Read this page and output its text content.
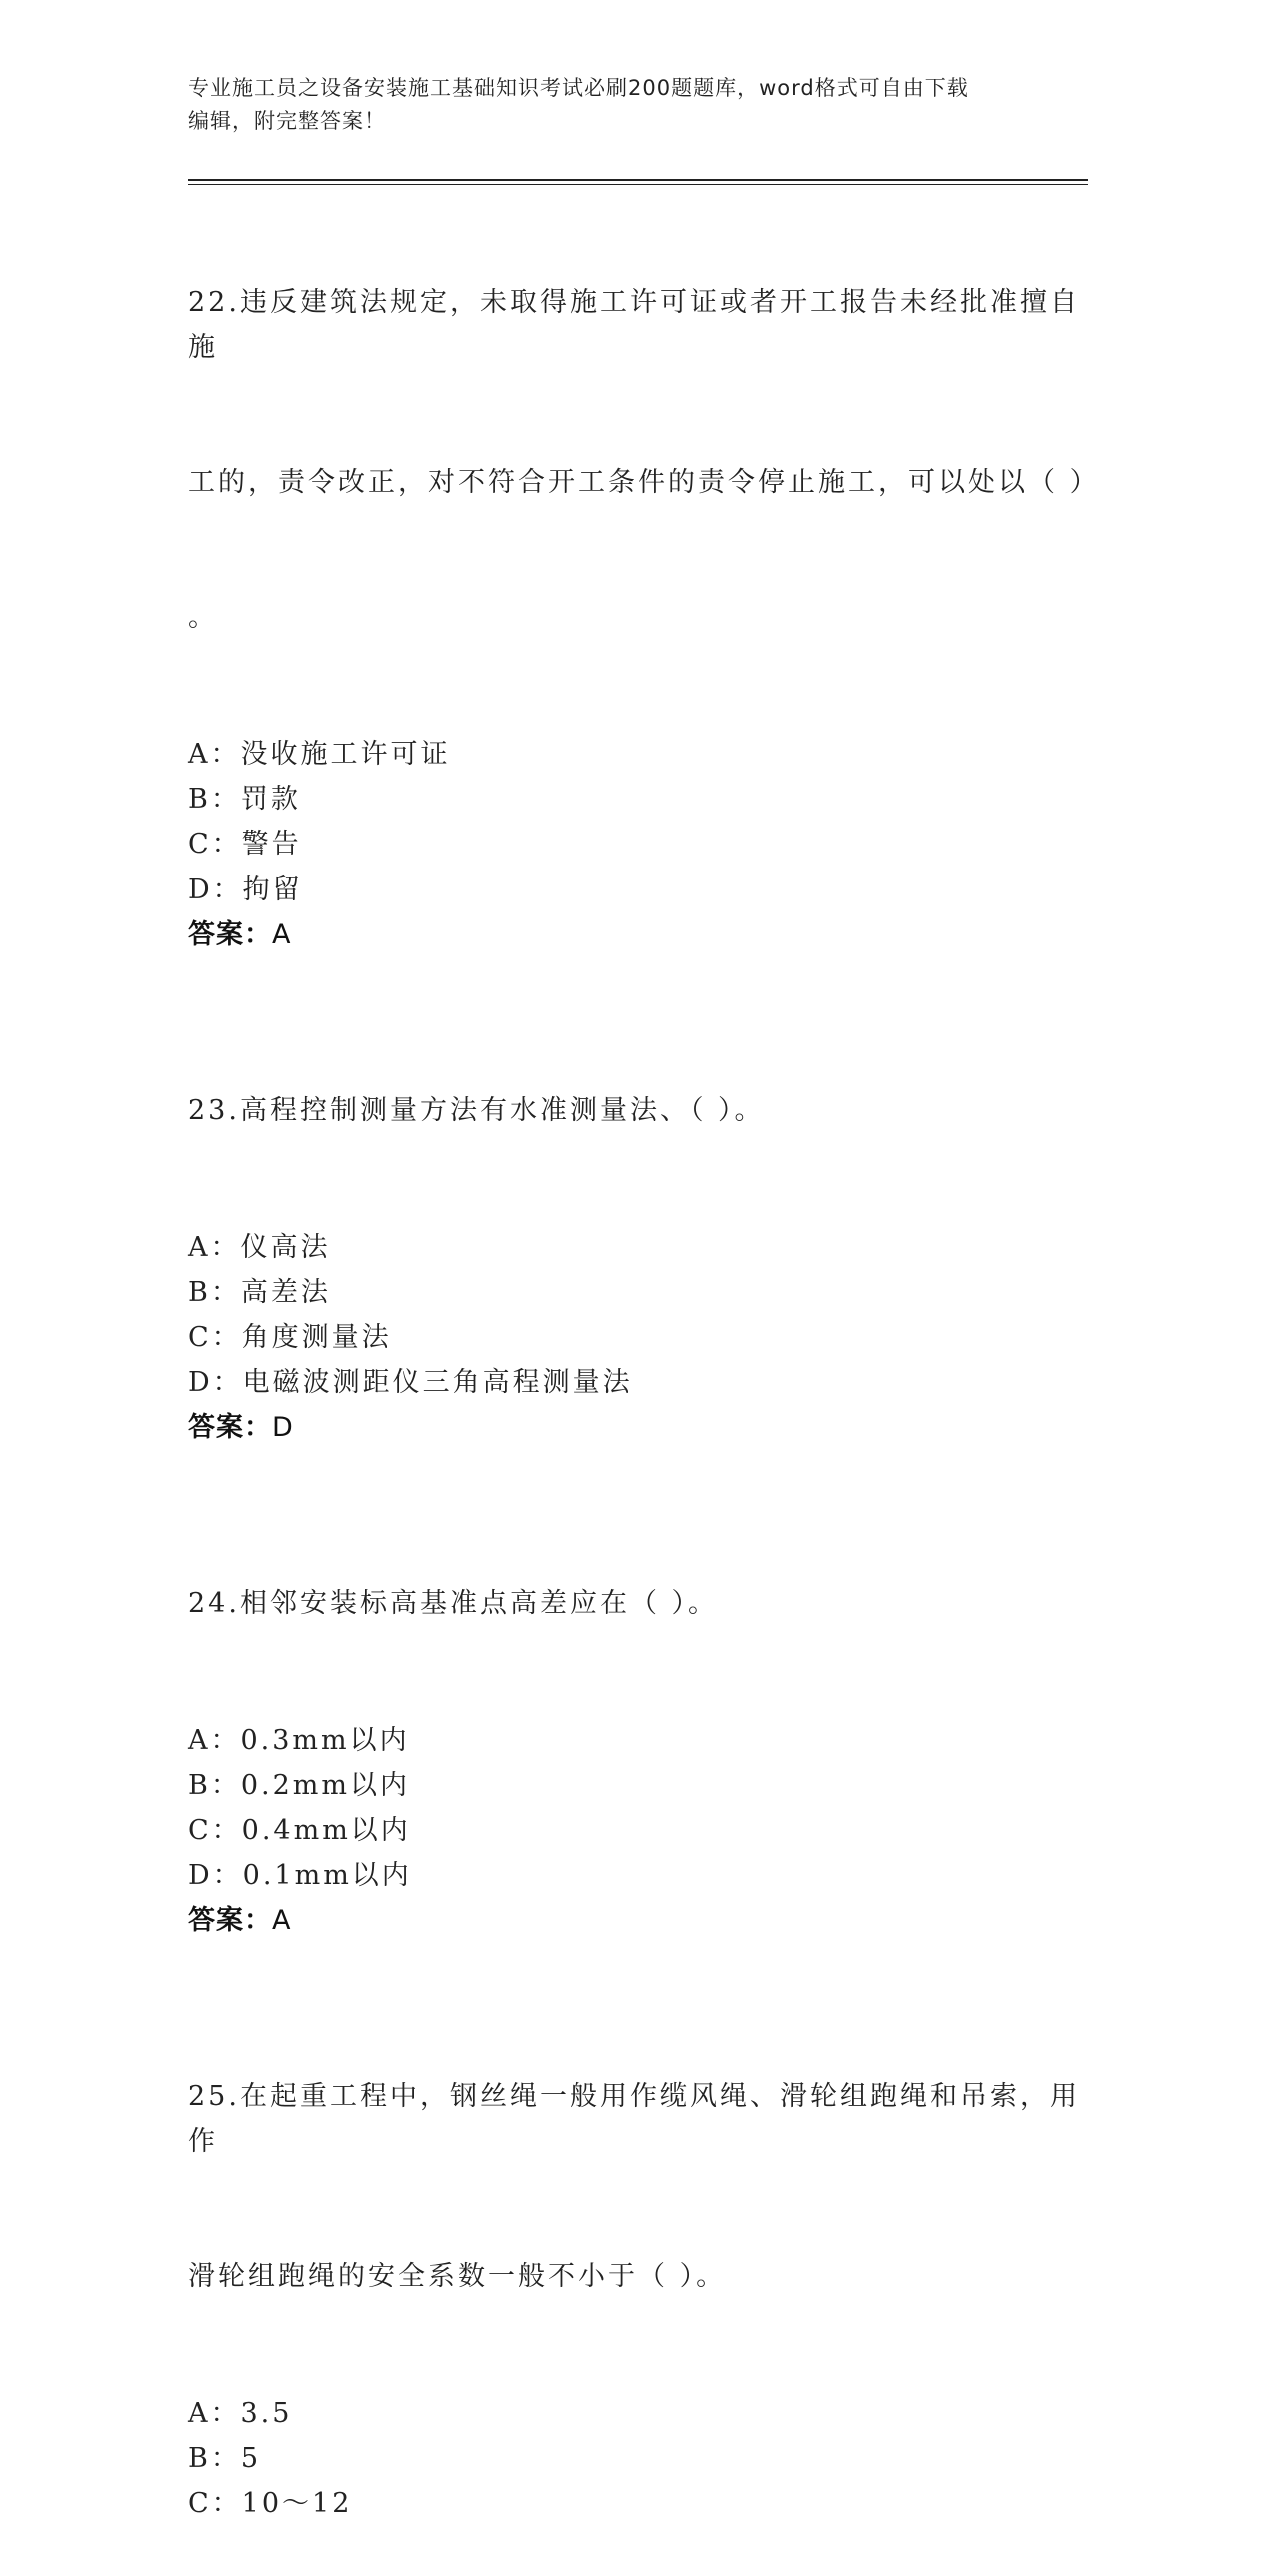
专业施工员之设备安装施工基础知识考试必刷200题题库，word格式可自由下载
编辑，附完整答案！

22.违反建筑法规定，未取得施工许可证或者开工报告未经批准擅自施

工的，责令改正，对不符合开工条件的责令停止施工，可以处以（ ）

。

A：没收施工许可证
B：罚款
C：警告
D：拘留
答案：A

23.高程控制测量方法有水准测量法、（ ）。

A：仪高法
B：高差法
C：角度测量法
D：电磁波测距仪三角高程测量法
答案：D

24.相邻安装标高基准点高差应在（ ）。

A：0.3mm以内
B：0.2mm以内
C：0.4mm以内
D：0.1mm以内
答案：A

25.在起重工程中，钢丝绳一般用作缆风绳、滑轮组跑绳和吊索，用作

滑轮组跑绳的安全系数一般不小于（ ）。

A：3.5
B：5
C：10～12
